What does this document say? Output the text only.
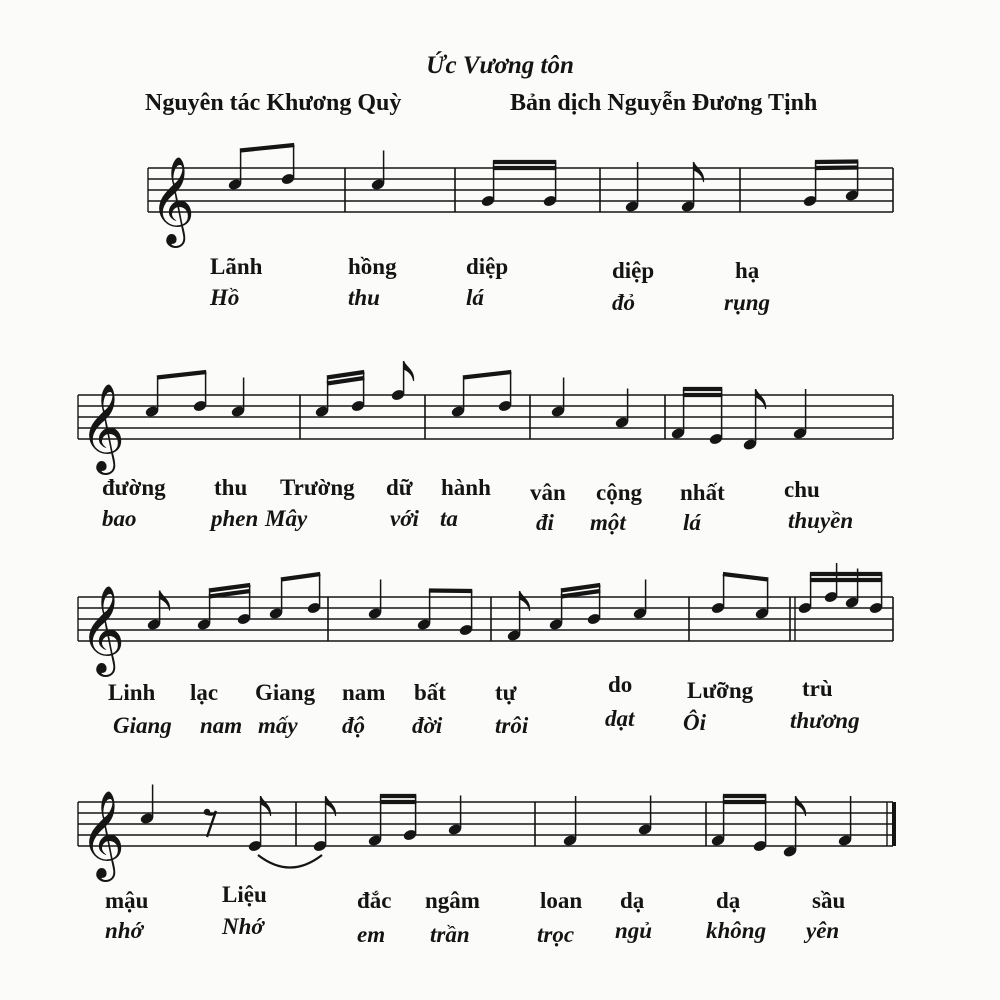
Ức Vương tôn
Nguyên tác Khương Quỳ	Bản dịch Nguyễn Đương Tịnh
𝄞
𝄞
𝄞
𝄞
Lãnh	hồng	diệp	diệp	hạ
Hồ	thu	lá	đỏ	rụng
đường thu Trường dữ hành vân cộng nhất	chu
bao	phen Mây	với ta	đi một lá	thuyền
Linh lạc Giang nam bất tự	do Lưỡng trù
Giang nam mấy độ đời trôi	dạt Ôi	thương
mậu	Liệu	đắc ngâm	loan dạ	dạ	sầu
nhớ	Nhớ	em trần	trọc ngủ không yên
